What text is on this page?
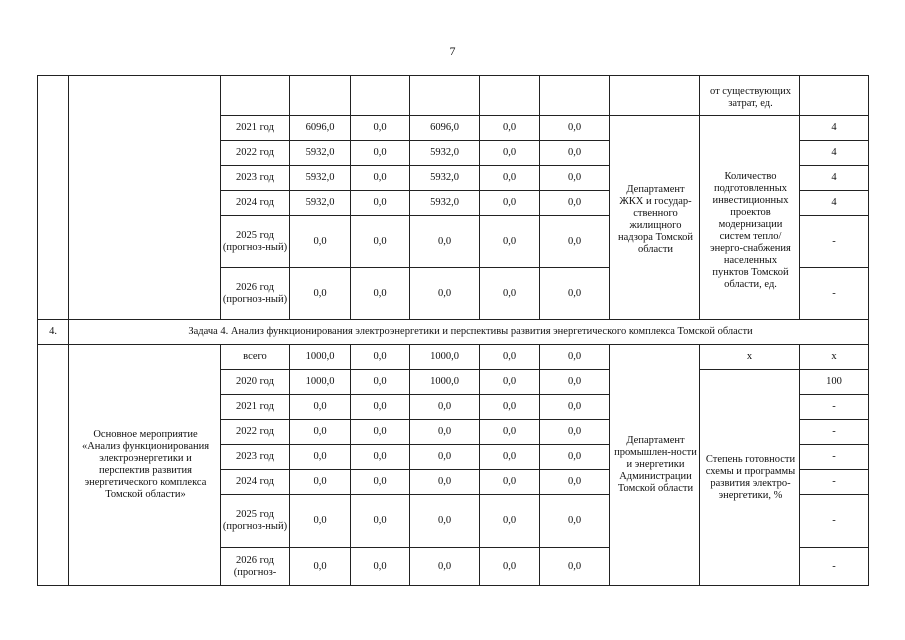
7
									от существующих затрат, ед.	
		2021 год	6096,0	0,0	6096,0	0,0	0,0	Департамент ЖКХ и государ-ственного жилищного надзора Томской области	Количество подготовленных инвестиционных проектов модернизации систем тепло/энерго-снабжения населенных пунктов Томской области, ед.	4
		2022 год	5932,0	0,0	5932,0	0,0	0,0			4
		2023 год	5932,0	0,0	5932,0	0,0	0,0			4
		2024 год	5932,0	0,0	5932,0	0,0	0,0			4
		2025 год (прогноз-ный)	0,0	0,0	0,0	0,0	0,0			-
		2026 год (прогноз-ный)	0,0	0,0	0,0	0,0	0,0			-
4.	Задача 4. Анализ функционирования электроэнергетики и перспективы развития энергетического комплекса Томской области									
	Основное мероприятие «Анализ функционирования электроэнергетики и перспектив развития энергетического комплекса Томской области»	всего	1000,0	0,0	1000,0	0,0	0,0	Департамент промышлен-ности и энергетики Администрации Томской области	х	х
		2020 год	1000,0	0,0	1000,0	0,0	0,0		Степень готовности схемы и программы развития электро-энергетики, %	100
		2021 год	0,0	0,0	0,0	0,0	0,0			-
		2022 год	0,0	0,0	0,0	0,0	0,0			-
		2023 год	0,0	0,0	0,0	0,0	0,0			-
		2024 год	0,0	0,0	0,0	0,0	0,0			-
		2025 год (прогноз-ный)	0,0	0,0	0,0	0,0	0,0			-
		2026 год (прогноз-	0,0	0,0	0,0	0,0	0,0			-
